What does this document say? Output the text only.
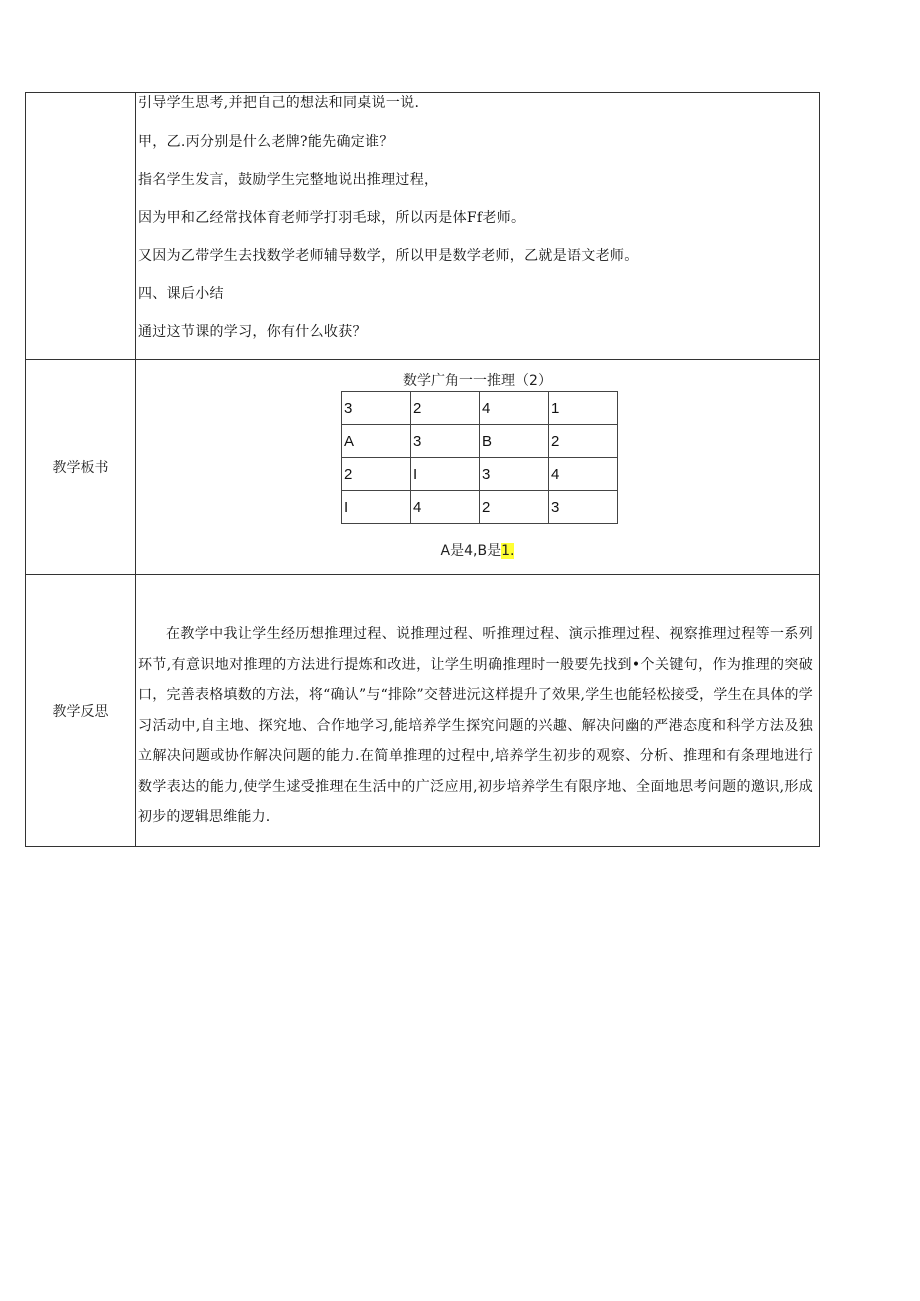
引导学生思考,并把自己的想法和同桌说一说.

甲，乙.丙分别是什么老牌?能先确定谁？

指名学生发言，鼓励学生完整地说出推理过程，

因为甲和乙经常找体育老师学打羽毛球，所以丙是体Ff老师。

又因为乙带学生去找数学老师辅导数学，所以甲是数学老师，乙就是语文老师。

四、课后小结

通过这节课的学习，你有什么收获？

教学板书	
数学广角一一推理（2）
3	2	4	1
A	3	B	2
2	I	3	4
I	4	2	3
A是4,B是1.

教学反思	
在教学中我让学生经历想推理过程、说推理过程、听推理过程、演示推理过程、视察推理过程等一系列环节,有意识地对推理的方法进行提炼和改进，让学生明确推理时一般要先找到•个关键句，作为推理的突破口，完善表格填数的方法，将“确认”与“排除”交替进沅这样提升了效果,学生也能轻松接受，学生在具体的学习活动中,自主地、探究地、合作地学习,能培养学生探究问题的兴趣、解决问幽的严港态度和科学方法及独立解决问题或协作解决问题的能力.在简单推理的过程中,培养学生初步的观察、分析、推理和有条理地进行数学表达的能力,使学生逑受推理在生活中的广泛应用,初步培养学生有限序地、全面地思考问题的邀识,形成初步的逻辑思维能力.
